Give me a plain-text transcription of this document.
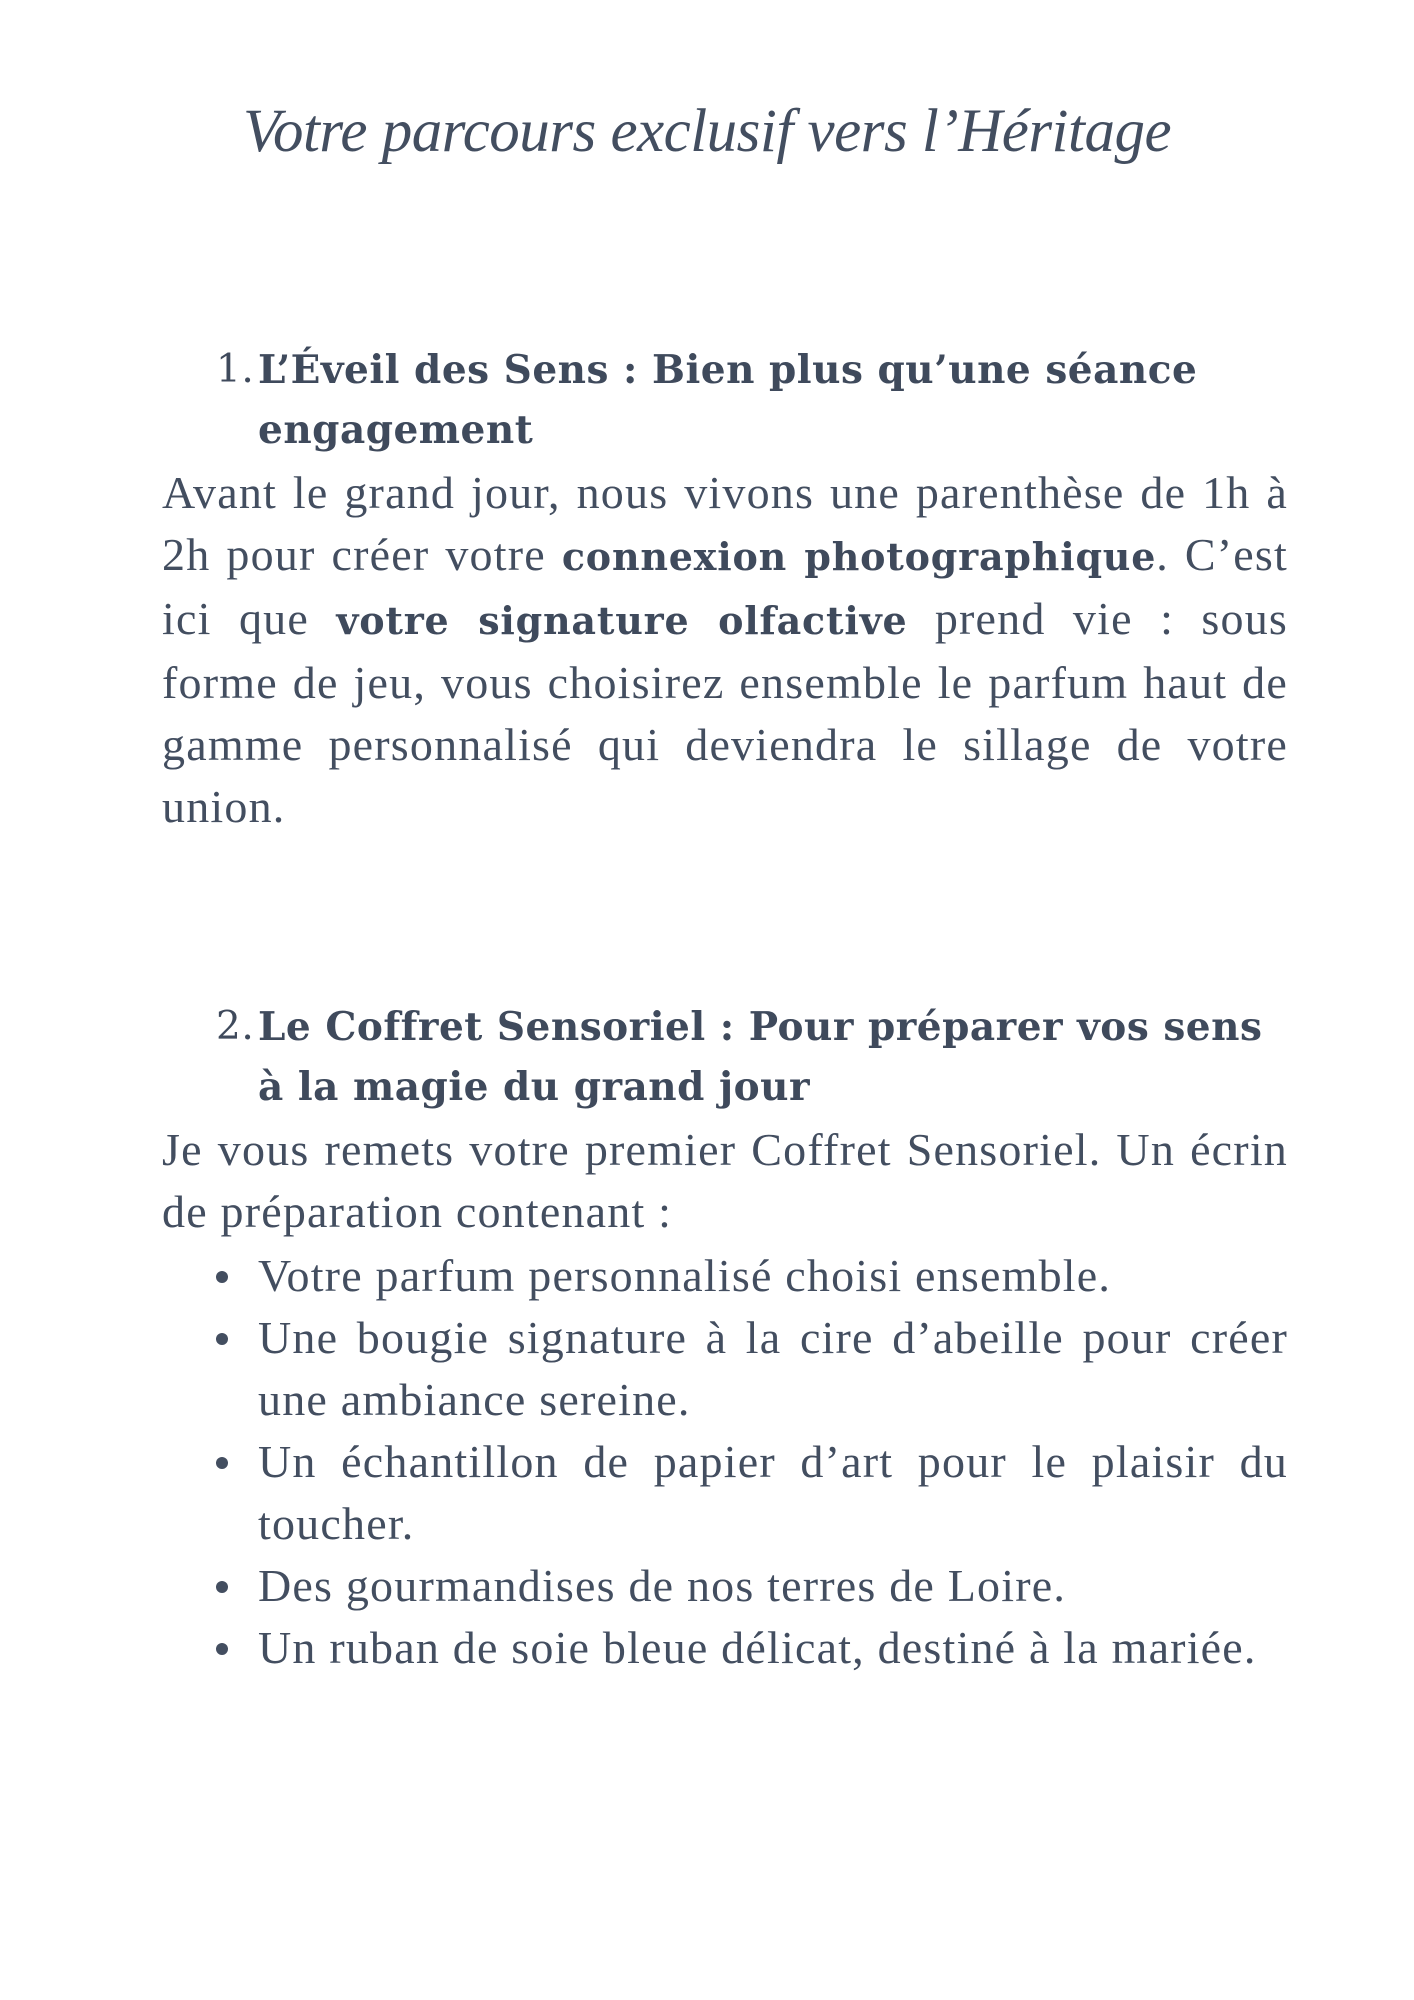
Votre parcours exclusif vers l’Héritage
1. L’Éveil des Sens : Bien plus qu’une séance engagement

Avant le grand jour, nous vivons une parenthèse de 1h à 2h pour créer votre connexion photographique. C’est ici que votre signature olfactive prend vie : sous forme de jeu, vous choisirez ensemble le parfum haut de gamme personnalisé qui deviendra le sillage de votre union.

2. Le Coffret Sensoriel : Pour préparer vos sens à la magie du grand jour

Je vous remets votre premier Coffret Sensoriel. Un écrin de préparation contenant :

Votre parfum personnalisé choisi ensemble.
Une bougie signature à la cire d’abeille pour créer une ambiance sereine.
Un échantillon de papier d’art pour le plaisir du toucher.
Des gourmandises de nos terres de Loire.
Un ruban de soie bleue délicat, destiné à la mariée.
